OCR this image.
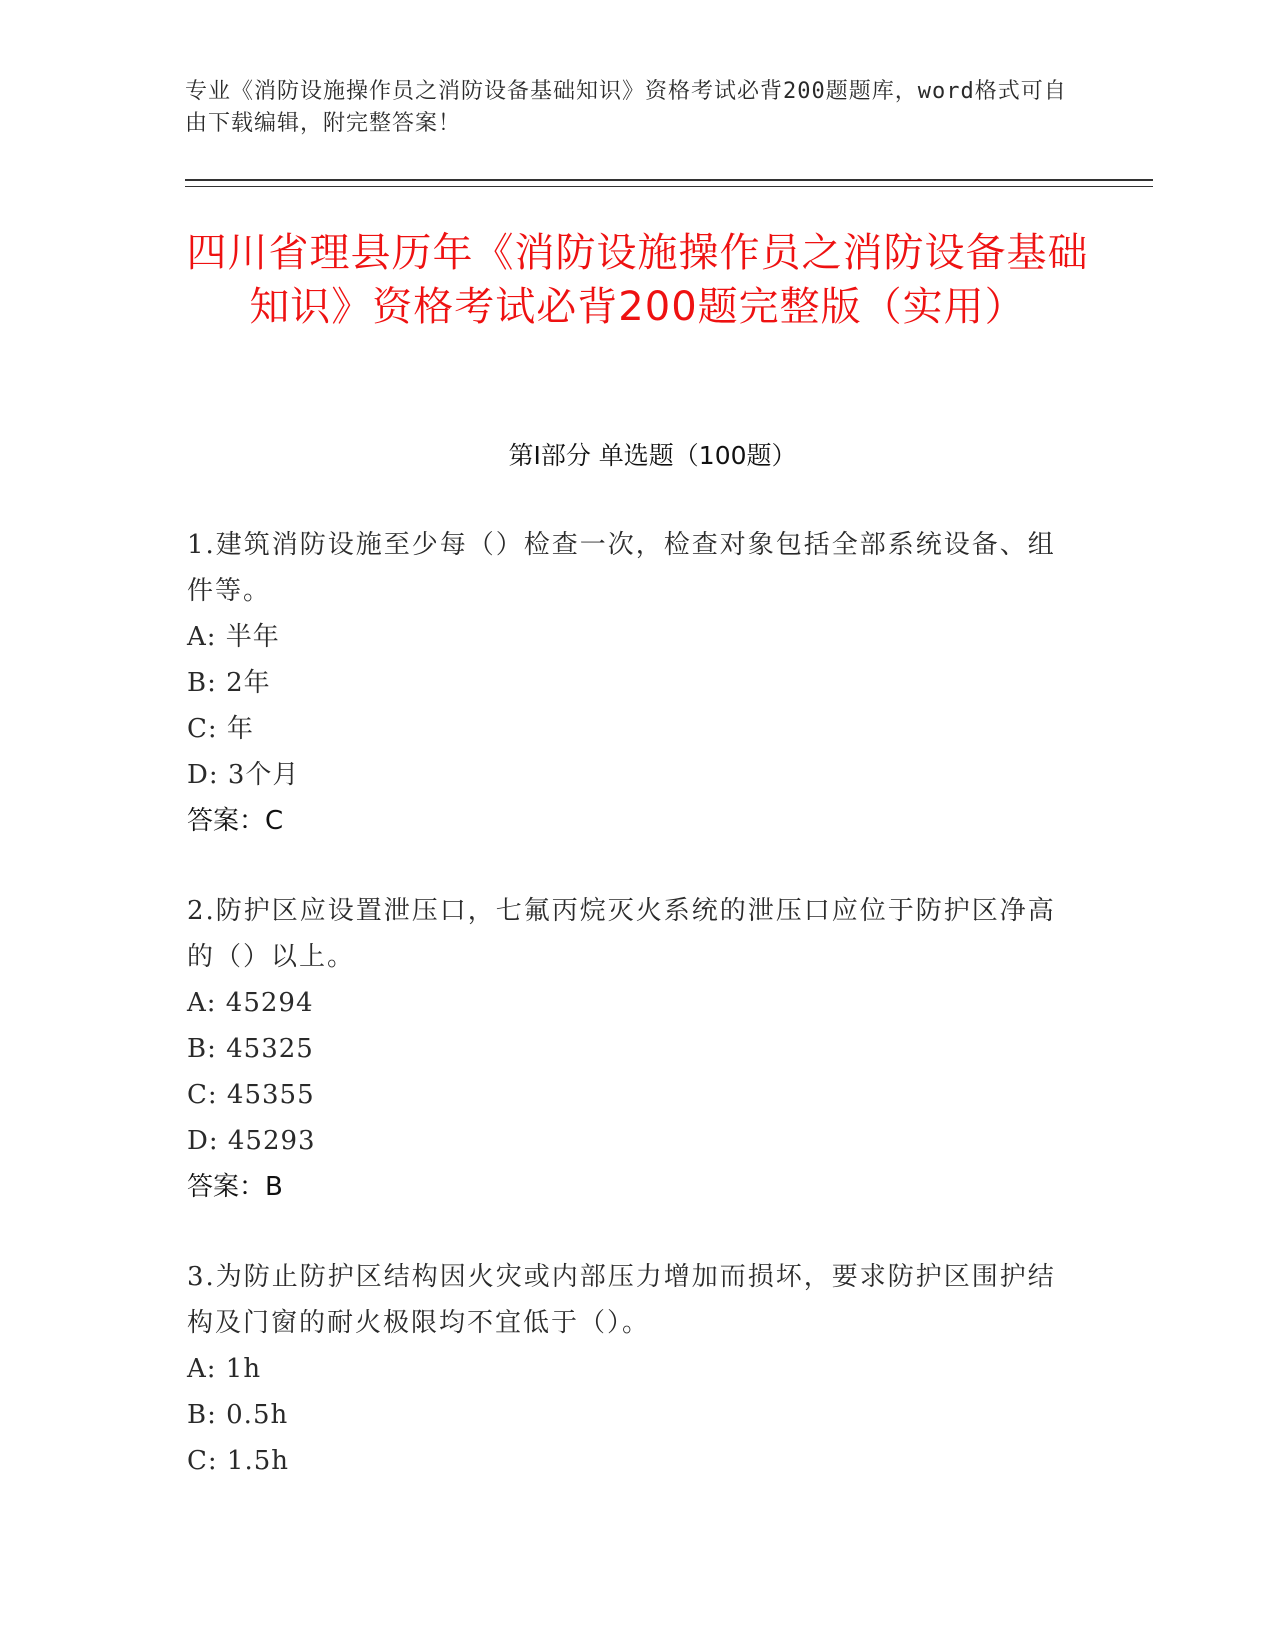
专业《消防设施操作员之消防设备基础知识》资格考试必背200题题库，word格式可自由下载编辑，附完整答案！
四川省理县历年《消防设施操作员之消防设备基础知识》资格考试必背200题完整版（实用）
第I部分 单选题（100题）

1.建筑消防设施至少每（）检查一次，检查对象包括全部系统设备、组件等。

A: 半年

B: 2年

C: 年

D: 3个月

答案：C

2.防护区应设置泄压口，七氟丙烷灭火系统的泄压口应位于防护区净高的（）以上。

A: 45294

B: 45325

C: 45355

D: 45293

答案：B

3.为防止防护区结构因火灾或内部压力增加而损坏，要求防护区围护结构及门窗的耐火极限均不宜低于（）。

A: 1h

B: 0.5h

C: 1.5h
